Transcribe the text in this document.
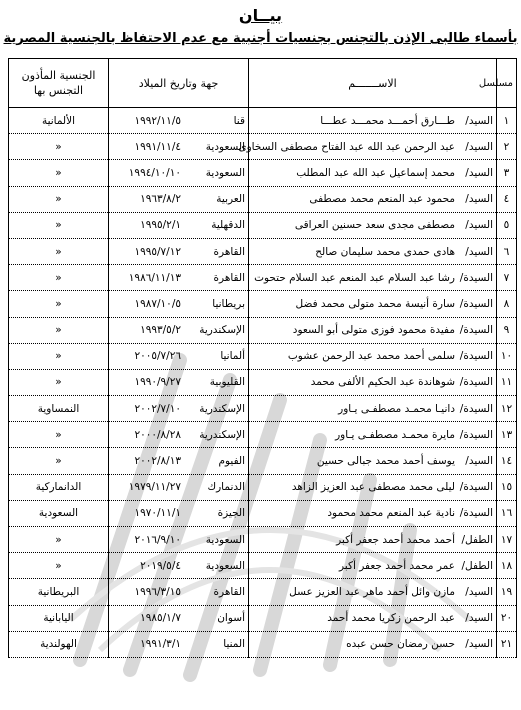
بيــان
بأسماء طالبى الإذن بالتجنس بجنسيات أجنبية مع عدم الاحتفاظ بالجنسية المصرية
مسلسل	الاســـــــم	جهة وتاريخ الميلاد	الجنسية المأذون التجنس بها
١	السيد/طـــارق أحمـــد محمـــد عطـــا	قنا١٩٩٢/١١/٥	الألمانية
٢	السيد/عبد الرحمن عبد الله عبد الفتاح مصطفى السخاوى	السعودية١٩٩١/١١/٤	«
٣	السيد/محمد إسماعيل عبد الله عبد المطلب	السعودية١٩٩٤/١٠/١٠	«
٤	السيد/محمود عبد المنعم محمد مصطفى	العربية١٩٦٣/٨/٢	«
٥	السيد/مصطفى مجدى سعد حسنين العراقى	الدقهلية١٩٩٥/٢/١	«
٦	السيد/هادى حمدى محمد سليمان صالح	القاهرة١٩٩٥/٧/١٢	«
٧	السيدة/رشا عبد السلام عبد المنعم عبد السلام حتحوت	القاهرة١٩٨٦/١١/١٣	«
٨	السيدة/سارة أنيسة محمد متولى محمد فضل	بريطانيا١٩٨٧/١٠/٥	«
٩	السيدة/مفيدة محمود فوزى متولى أبو السعود	الإسكندرية١٩٩٣/٥/٢	«
١٠	السيدة/سلمى أحمد محمد عبد الرحمن عشوب	ألمانيا٢٠٠٥/٧/٢٦	«
١١	السيدة/شوهاندة عبد الحكيم الألفى محمد	القليوبية١٩٩٠/٩/٢٧	«
١٢	السيدة/دانيـا محمـد مصطفـى يـاور	الإسكندرية٢٠٠٢/٧/١٠	النمساوية
١٣	السيدة/مايرة محمـد مصطفـى يـاور	الإسكندرية٢٠٠٠/٨/٢٨	«
١٤	السيد/يوسف أحمد محمد جبالى حسين	الفيوم٢٠٠٢/٨/١٣	«
١٥	السيدة/ليلى محمد مصطفى عبد العزيز الزاهد	الدنمارك١٩٧٩/١١/٢٧	الدانماركية
١٦	السيدة/نادية عبد المنعم محمد محمود	الجيزة١٩٧٠/١١/١	السعودية
١٧	الطفل/أحمد محمد أحمد جعفر أكبر	السعودية٢٠١٦/٩/١٠	«
١٨	الطفل/عمر محمد أحمد جعفر أكبر	السعودية٢٠١٩/٥/٤	«
١٩	السيد/مازن وائل أحمد ماهر عبد العزيز عسل	القاهرة١٩٩٦/٣/١٥	البريطانية
٢٠	السيد/عبد الرحمن زكريا محمد أحمد	أسوان١٩٨٥/١/٧	اليابانية
٢١	السيد/حسن رمضان حسن عبده	المنيا١٩٩١/٣/١	الهولندية
